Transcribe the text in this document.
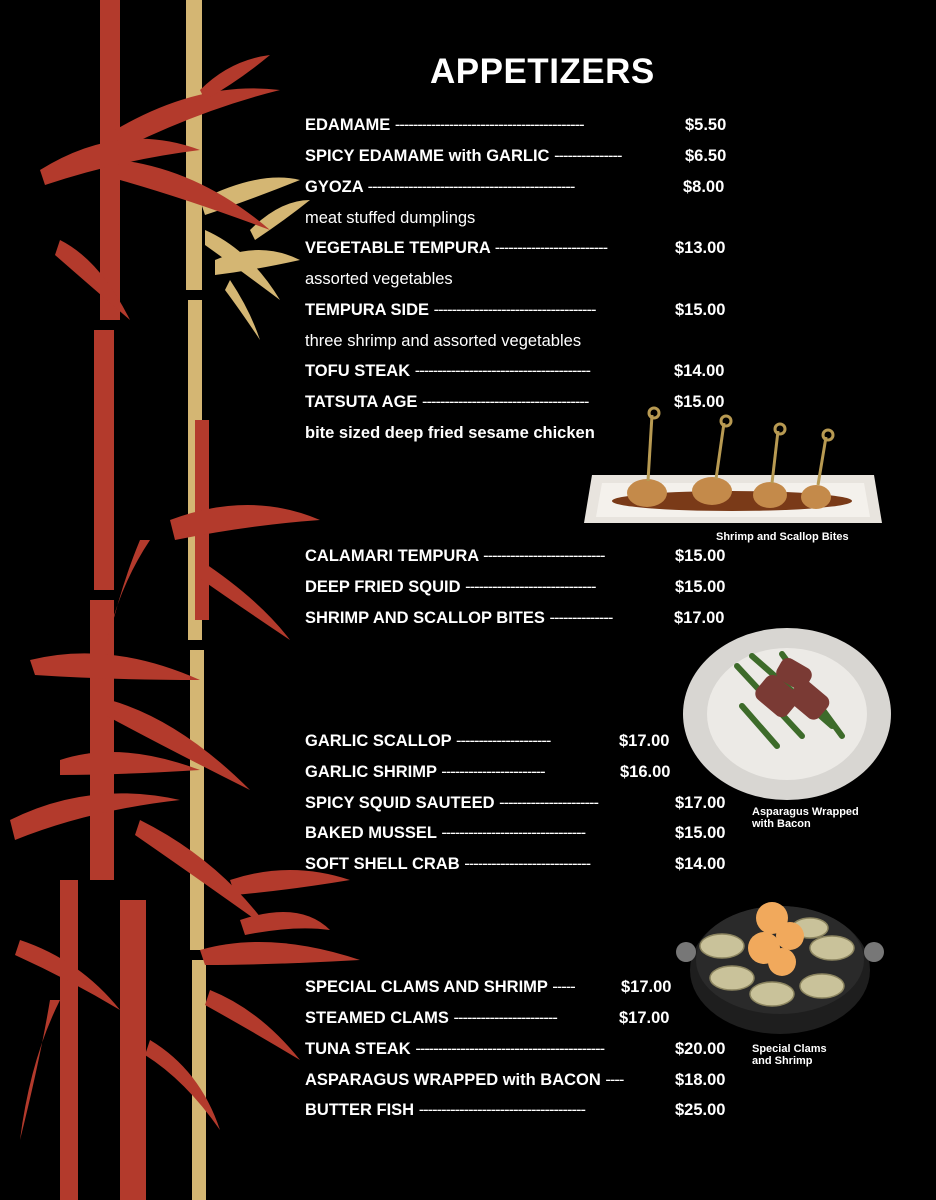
APPETIZERS
EDAMAME ------------------------------------------	$5.50
SPICY EDAMAME with GARLIC ---------------	$6.50
GYOZA ----------------------------------------------	$8.00
meat stuffed dumplings
VEGETABLE TEMPURA -------------------------	$13.00
assorted vegetables
TEMPURA SIDE ------------------------------------	$15.00
three shrimp and assorted vegetables
TOFU STEAK ---------------------------------------	$14.00
TATSUTA AGE -------------------------------------	$15.00
bite sized deep fried sesame chicken
Shrimp and Scallop Bites
CALAMARI TEMPURA ---------------------------	$15.00
DEEP FRIED SQUID -----------------------------	$15.00
SHRIMP AND SCALLOP BITES --------------	$17.00
Asparagus Wrapped
with Bacon
GARLIC SCALLOP ---------------------	$17.00
GARLIC SHRIMP -----------------------	$16.00
SPICY SQUID SAUTEED ----------------------	$17.00
BAKED MUSSEL --------------------------------	$15.00
SOFT SHELL CRAB ----------------------------	$14.00
Special Clams
and Shrimp
SPECIAL CLAMS AND SHRIMP -----	$17.00
STEAMED CLAMS -----------------------	$17.00
TUNA STEAK ------------------------------------------	$20.00
ASPARAGUS WRAPPED with BACON ----	$18.00
BUTTER FISH -------------------------------------	$25.00
